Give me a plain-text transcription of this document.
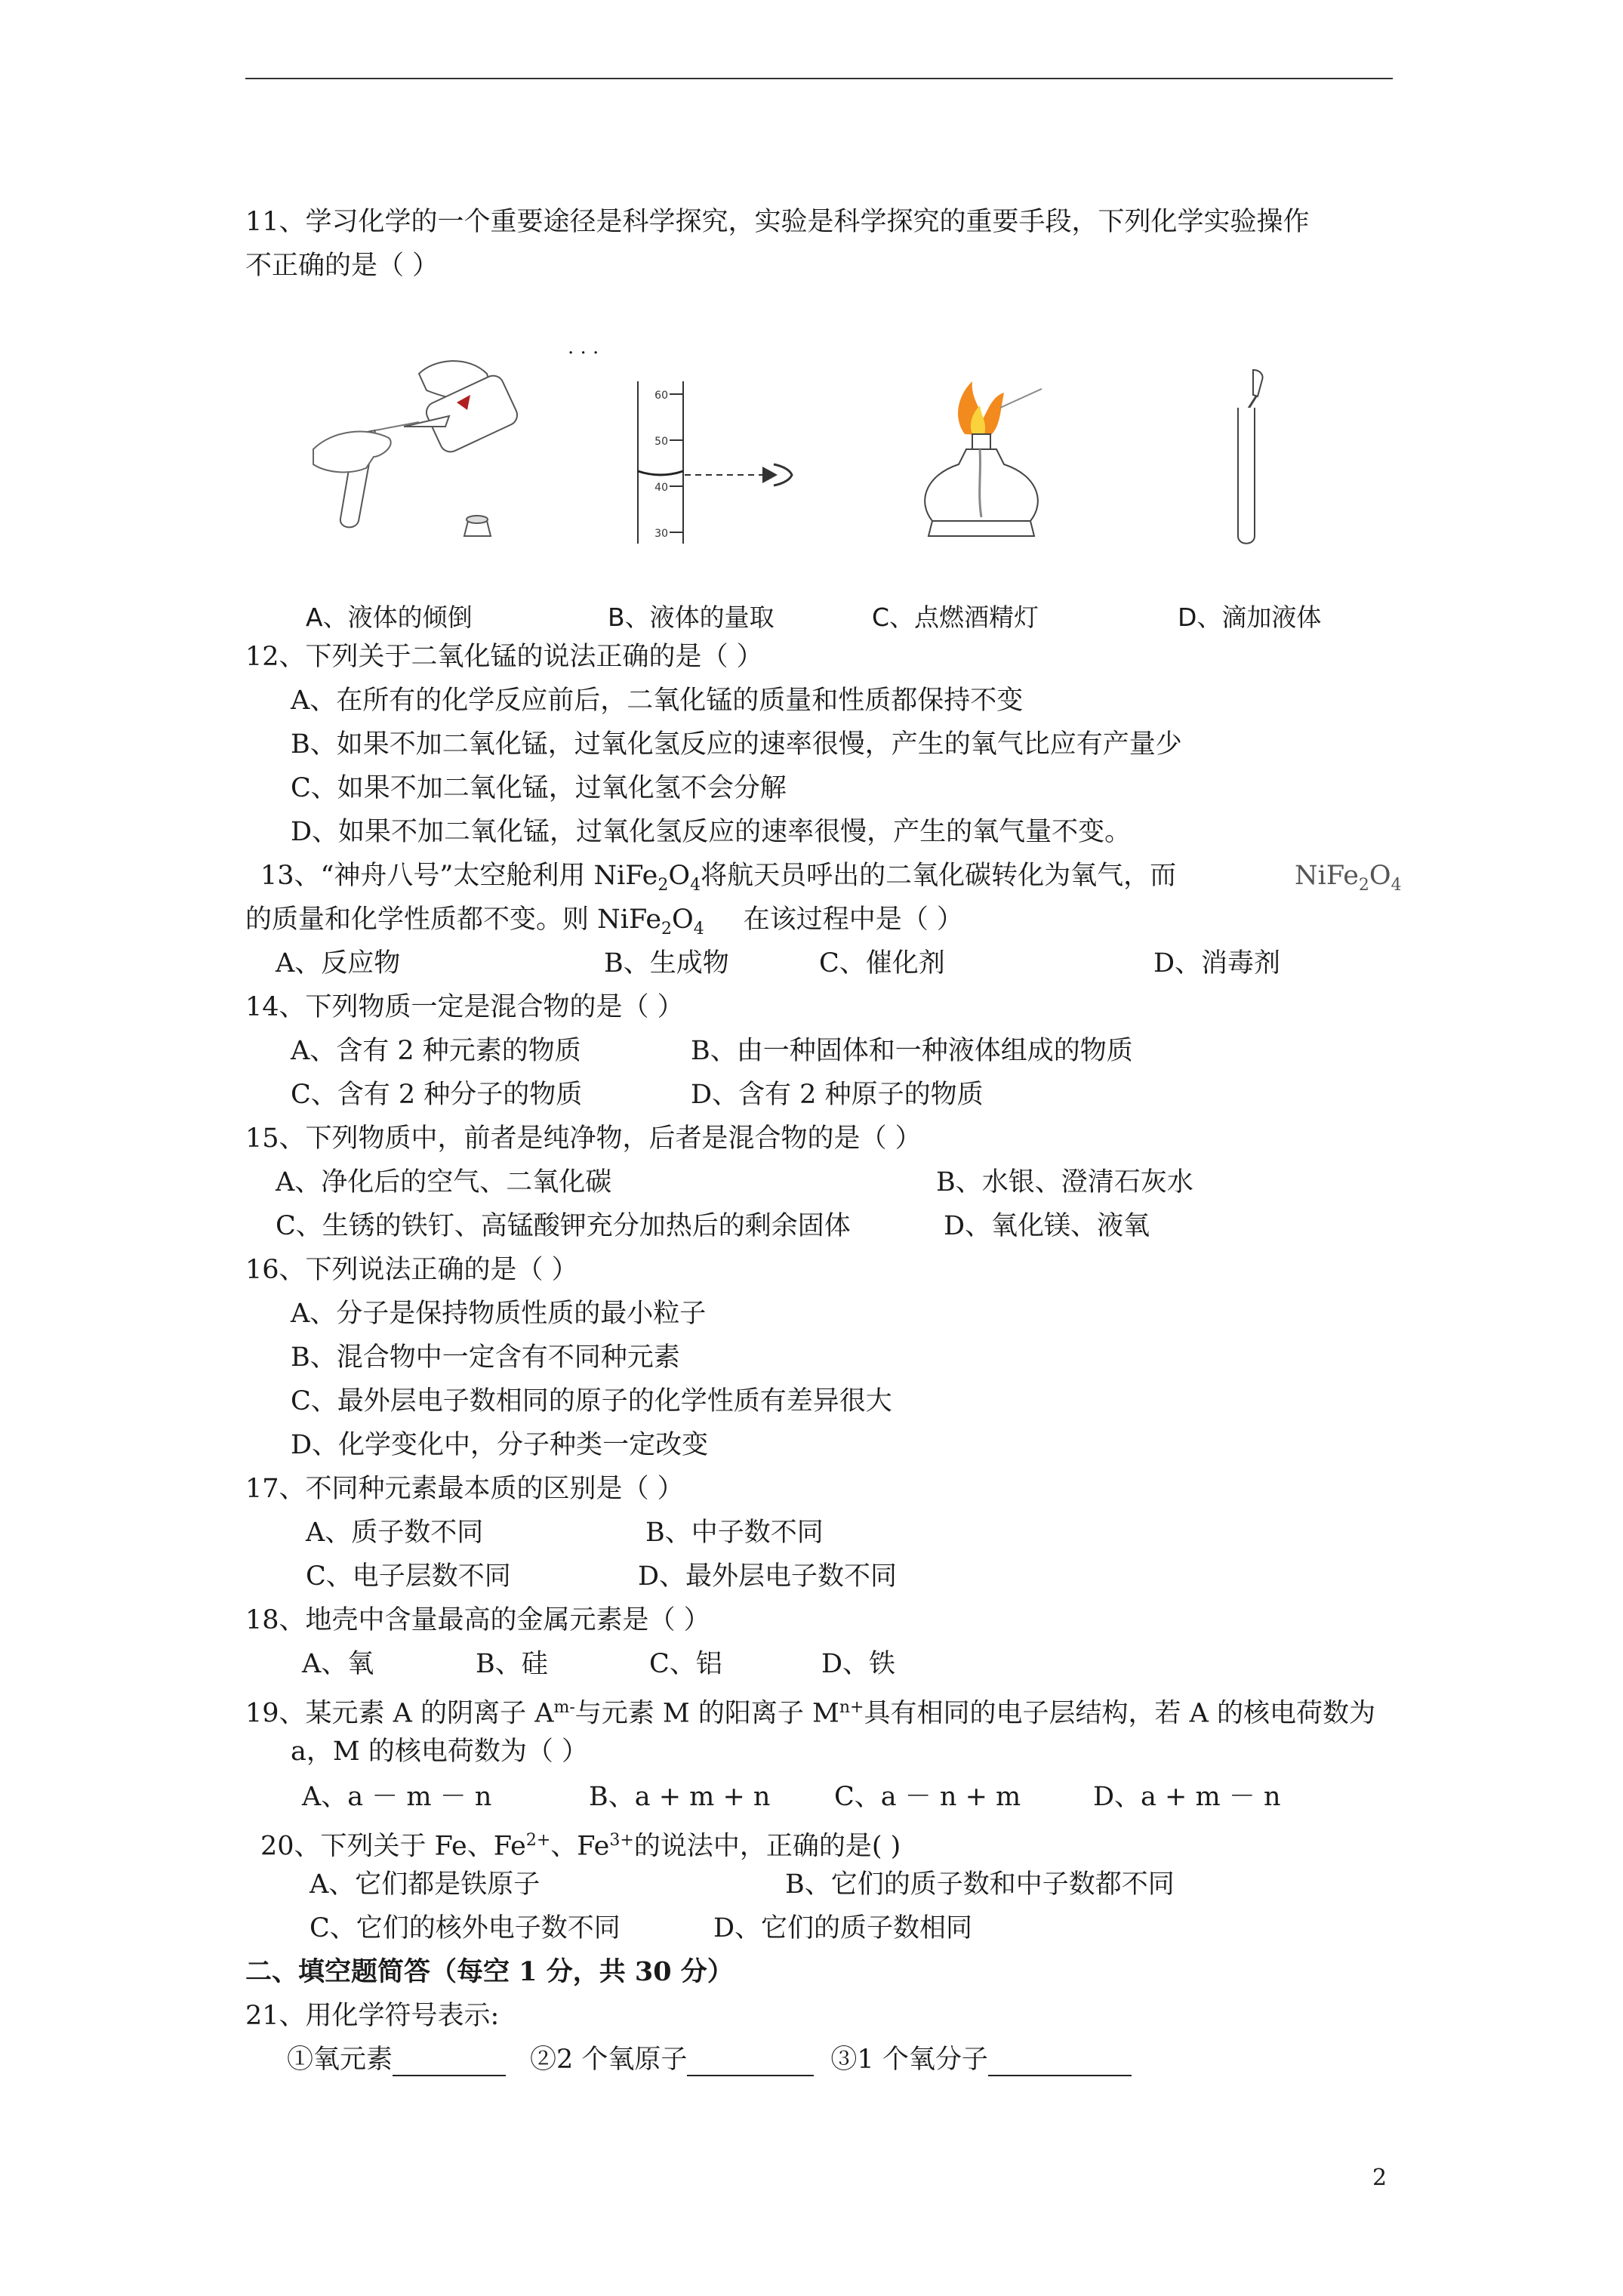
11、学习化学的一个重要途径是科学探究，实验是科学探究的重要手段，下列化学实验操作
不正确的是（ ）
. . .
60
50
40
30
A、液体的倾倒	B、液体的量取	C、点燃酒精灯	D、滴加液体
12、下列关于二氧化锰的说法正确的是（ ）
A、在所有的化学反应前后，二氧化锰的质量和性质都保持不变
B、如果不加二氧化锰，过氧化氢反应的速率很慢，产生的氧气比应有产量少
C、如果不加二氧化锰，过氧化氢不会分解
D、如果不加二氧化锰，过氧化氢反应的速率很慢，产生的氧气量不变。
13、“神舟八号”太空舱利用 $NiFe_2O_4$将航天员呼出的二氧化碳转化为氧气，而	$NiFe_2O_4$
的质量和化学性质都不变。则 $NiFe_2O_4$ 在该过程中是（ ）
A、反应物	B、生成物	C、催化剂	D、消毒剂
14、下列物质一定是混合物的是（ ）
A、含有 2 种元素的物质	B、由一种固体和一种液体组成的物质
C、含有 2 种分子的物质	D、含有 2 种原子的物质
15、下列物质中，前者是纯净物，后者是混合物的是（ ）
A、净化后的空气、二氧化碳	B、水银、澄清石灰水
C、生锈的铁钉、高锰酸钾充分加热后的剩余固体	D、氧化镁、液氧
16、下列说法正确的是（ ）
A、分子是保持物质性质的最小粒子
B、混合物中一定含有不同种元素
C、最外层电子数相同的原子的化学性质有差异很大
D、化学变化中，分子种类一定改变
17、不同种元素最本质的区别是（ ）
A、质子数不同	B、中子数不同
C、电子层数不同	D、最外层电子数不同
18、地壳中含量最高的金属元素是（ ）
A、氧	B、硅	C、铝	D、铁
19、某元素 A 的阴离子 $A^{m-}$与元素 M 的阳离子 $M^{n+}$具有相同的电子层结构，若 A 的核电荷数为
a，M 的核电荷数为（ ）
A、a － m － n	B、a + m + n C、a － n + m	D、a + m － n
20、下列关于 Fe、$Fe^{2+}$、$Fe^{3+}$的说法中，正确的是( )
A、它们都是铁原子	B、它们的质子数和中子数都不同
C、它们的核外电子数不同	D、它们的质子数相同
二、填空题简答（每空 1 分，共 30 分）
21、用化学符号表示:
①氧元素	②2 个氧原子	③1 个氧分子
2
